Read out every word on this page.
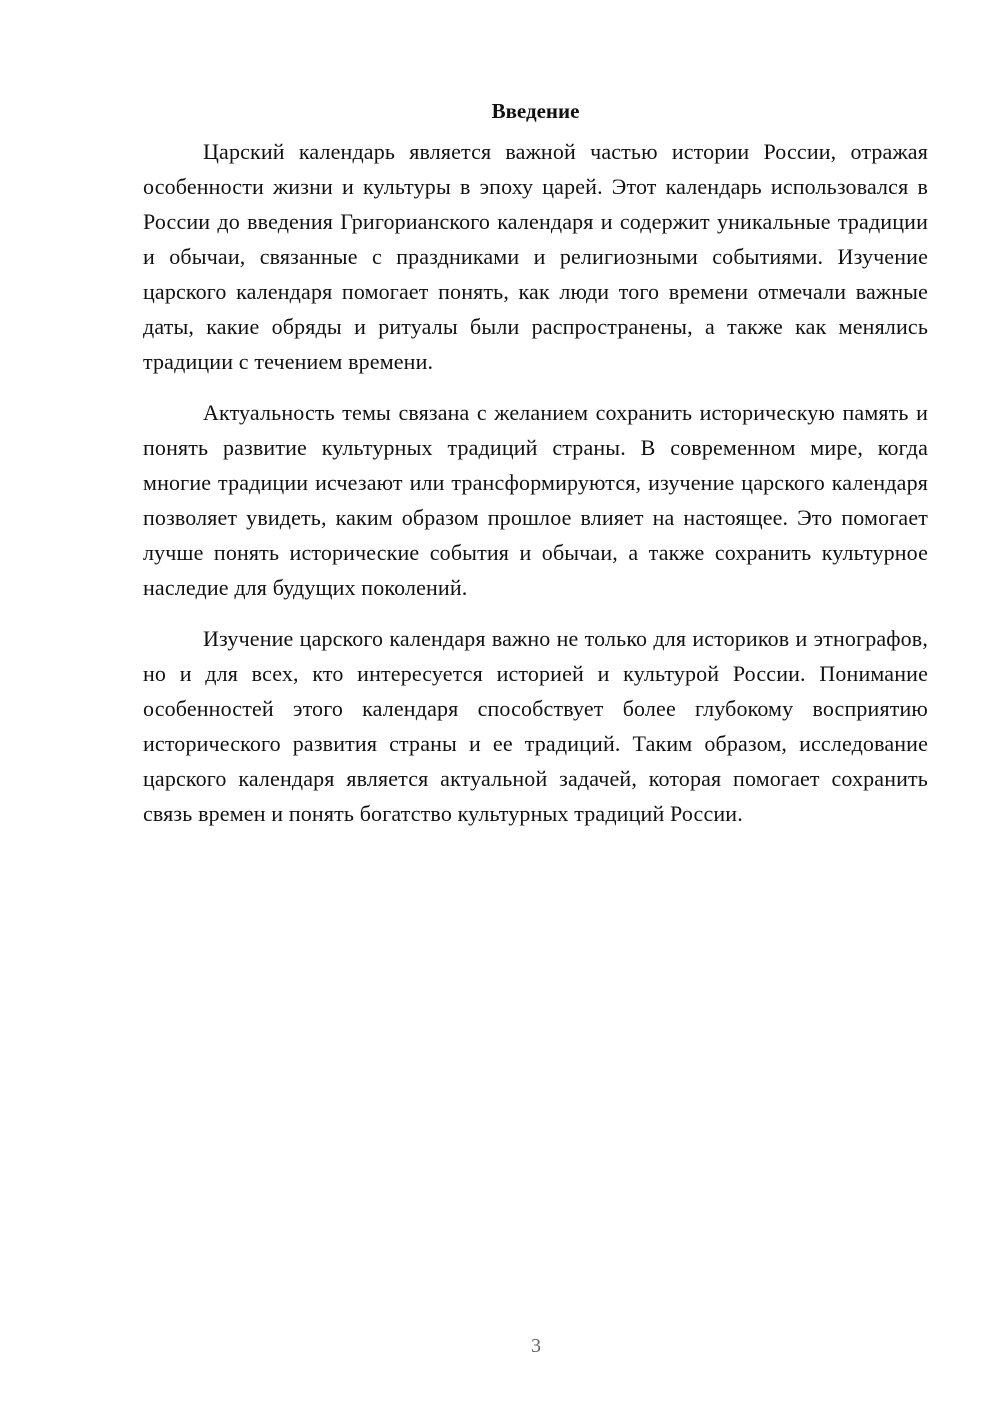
Введение

Царский календарь является важной частью истории России, отражая особенности жизни и культуры в эпоху царей. Этот календарь использовался в России до введения Григорианского календаря и содержит уникальные традиции и обычаи, связанные с праздниками и религиозными событиями. Изучение царского календаря помогает понять, как люди того времени отмечали важные даты, какие обряды и ритуалы были распространены, а также как менялись традиции с течением времени.

Актуальность темы связана с желанием сохранить историческую память и понять развитие культурных традиций страны. В современном мире, когда многие традиции исчезают или трансформируются, изучение царского календаря позволяет увидеть, каким образом прошлое влияет на настоящее. Это помогает лучше понять исторические события и обычаи, а также сохранить культурное наследие для будущих поколений.

Изучение царского календаря важно не только для историков и этнографов, но и для всех, кто интересуется историей и культурой России. Понимание особенностей этого календаря способствует более глубокому восприятию исторического развития страны и ее традиций. Таким образом, исследование царского календаря является актуальной задачей, которая помогает сохранить связь времен и понять богатство культурных традиций России.

3
